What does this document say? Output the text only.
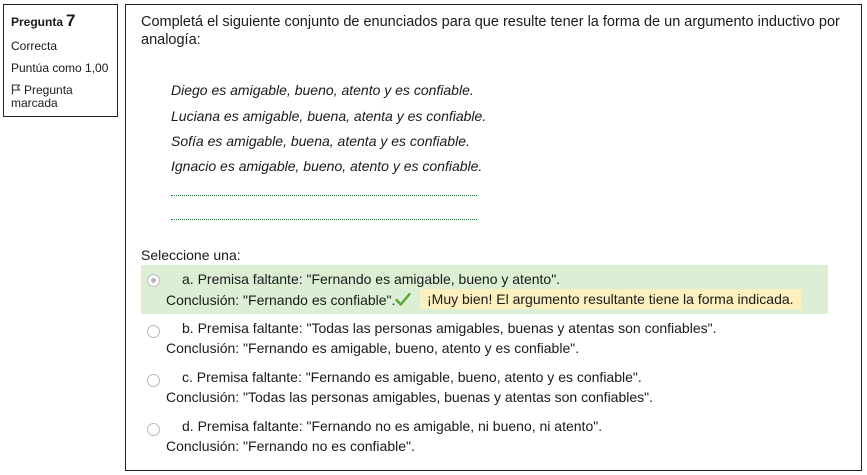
Pregunta 7
Correcta
Puntúa como 1,00
Pregunta marcada
Completá el siguiente conjunto de enunciados para que resulte tener la forma de un argumento inductivo por analogía:
Diego es amigable, bueno, atento y es confiable.
Luciana es amigable, buena, atenta y es confiable.
Sofía es amigable, buena, atenta y es confiable.
Ignacio es amigable, bueno, atento y es confiable.
Seleccione una:
a. Premisa faltante: "Fernando es amigable, bueno y atento".
Conclusión: "Fernando es confiable".	¡Muy bien! El argumento resultante tiene la forma indicada.
b. Premisa faltante: "Todas las personas amigables, buenas y atentas son confiables".
Conclusión: "Fernando es amigable, bueno, atento y es confiable".
c. Premisa faltante: "Fernando es amigable, bueno, atento y es confiable".
Conclusión: "Todas las personas amigables, buenas y atentas son confiables".
d. Premisa faltante: "Fernando no es amigable, ni bueno, ni atento".
Conclusión: "Fernando no es confiable".
